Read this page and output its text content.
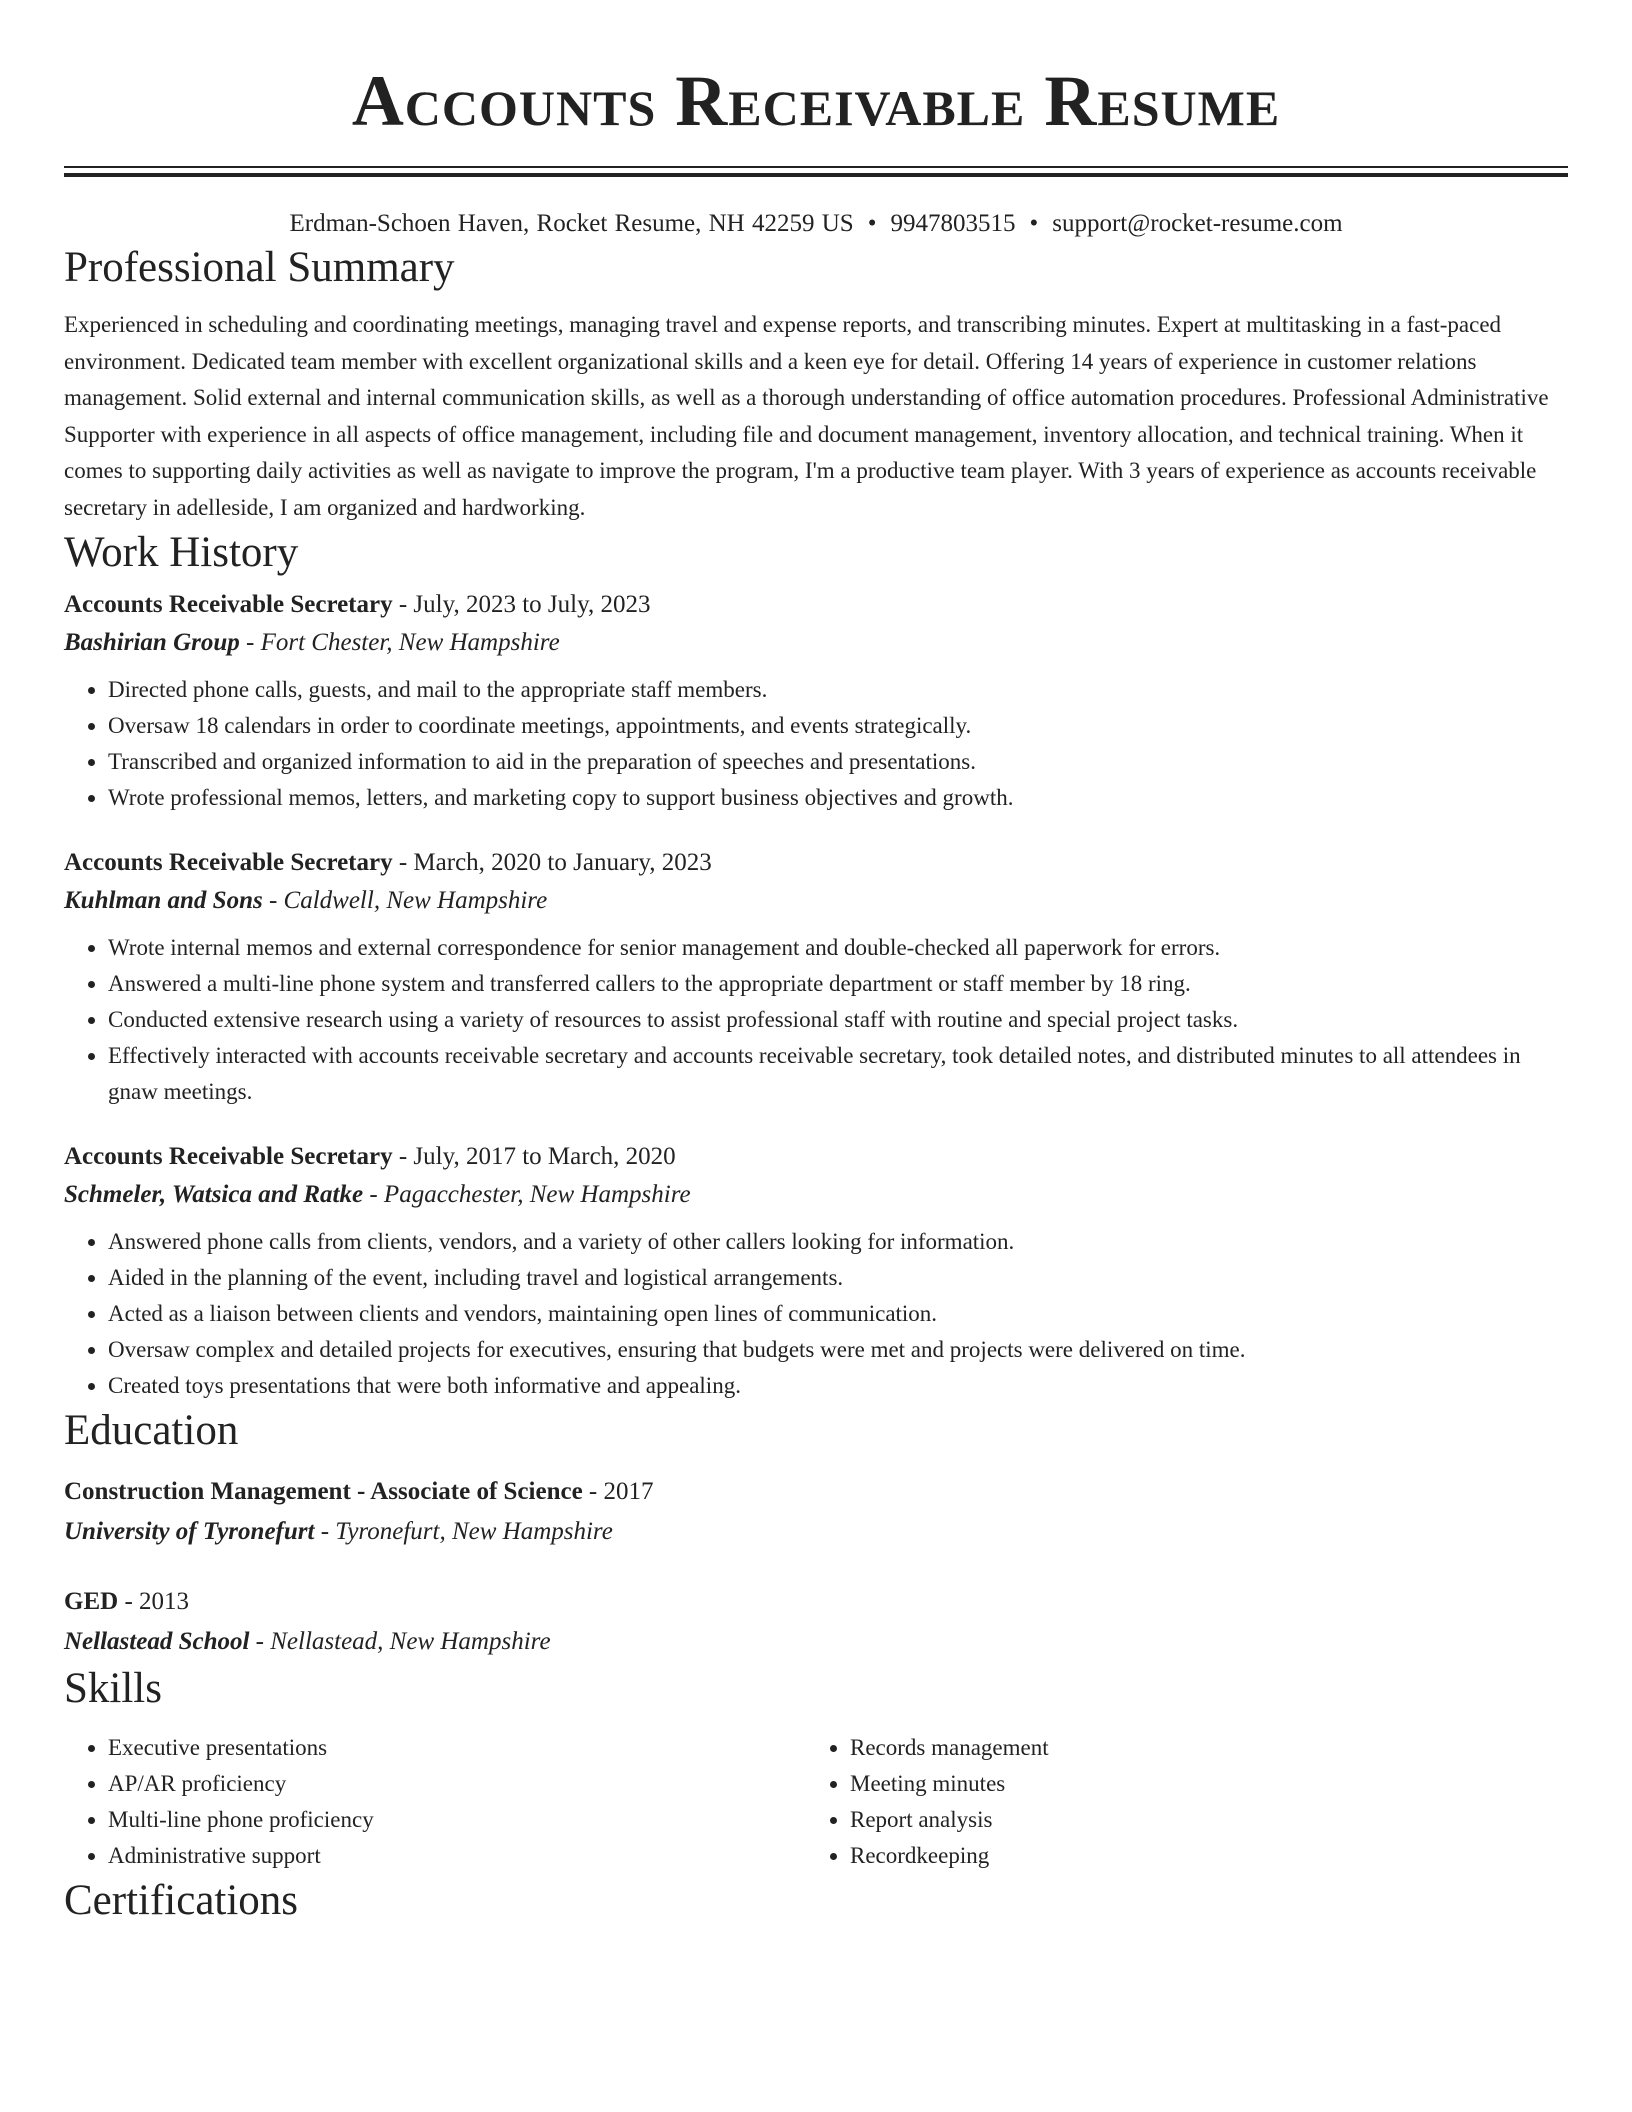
Accounts Receivable Resume
Erdman-Schoen Haven, Rocket Resume, NH 42259 US • 9947803515 • support@rocket-resume.com
Professional Summary
Experienced in scheduling and coordinating meetings, managing travel and expense reports, and transcribing minutes. Expert at multitasking in a fast-paced environment. Dedicated team member with excellent organizational skills and a keen eye for detail. Offering 14 years of experience in customer relations management. Solid external and internal communication skills, as well as a thorough understanding of office automation procedures. Professional Administrative Supporter with experience in all aspects of office management, including file and document management, inventory allocation, and technical training. When it comes to supporting daily activities as well as navigate to improve the program, I'm a productive team player. With 3 years of experience as accounts receivable secretary in adelleside, I am organized and hardworking.
Work History
Accounts Receivable Secretary - July, 2023 to July, 2023
Bashirian Group - Fort Chester, New Hampshire
• Directed phone calls, guests, and mail to the appropriate staff members.
• Oversaw 18 calendars in order to coordinate meetings, appointments, and events strategically.
• Transcribed and organized information to aid in the preparation of speeches and presentations.
• Wrote professional memos, letters, and marketing copy to support business objectives and growth.
Accounts Receivable Secretary - March, 2020 to January, 2023
Kuhlman and Sons - Caldwell, New Hampshire
• Wrote internal memos and external correspondence for senior management and double-checked all paperwork for errors.
• Answered a multi-line phone system and transferred callers to the appropriate department or staff member by 18 ring.
• Conducted extensive research using a variety of resources to assist professional staff with routine and special project tasks.
• Effectively interacted with accounts receivable secretary and accounts receivable secretary, took detailed notes, and distributed minutes to all attendees in gnaw meetings.
Accounts Receivable Secretary - July, 2017 to March, 2020
Schmeler, Watsica and Ratke - Pagacchester, New Hampshire
• Answered phone calls from clients, vendors, and a variety of other callers looking for information.
• Aided in the planning of the event, including travel and logistical arrangements.
• Acted as a liaison between clients and vendors, maintaining open lines of communication.
• Oversaw complex and detailed projects for executives, ensuring that budgets were met and projects were delivered on time.
• Created toys presentations that were both informative and appealing.
Education
Construction Management - Associate of Science - 2017
University of Tyronefurt - Tyronefurt, New Hampshire
GED - 2013
Nellastead School - Nellastead, New Hampshire
Skills
• Executive presentations
• AP/AR proficiency
• Multi-line phone proficiency
• Administrative support
• Records management
• Meeting minutes
• Report analysis
• Recordkeeping
Certifications
